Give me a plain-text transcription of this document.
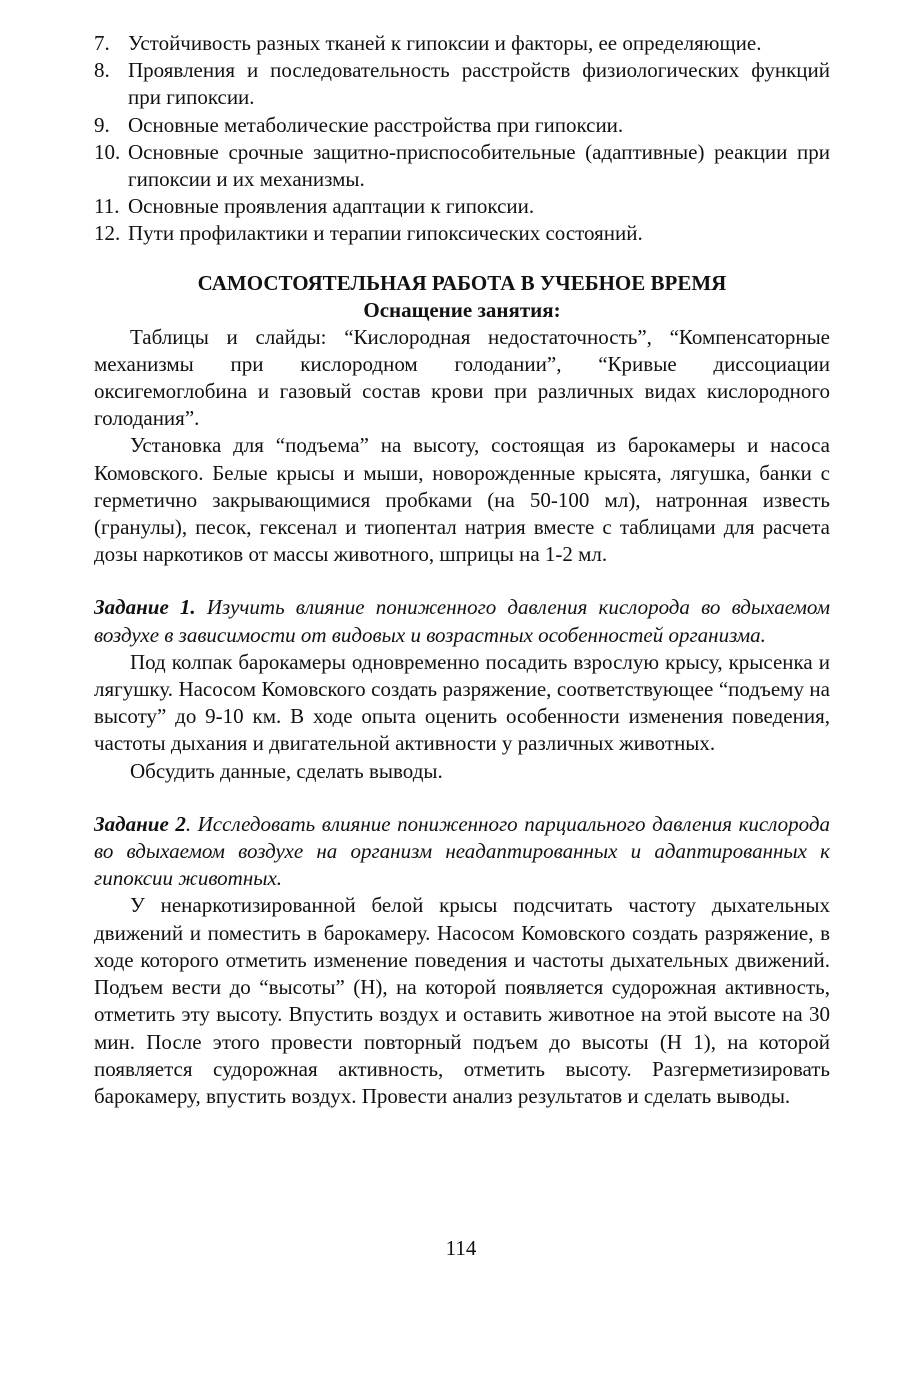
7. Устойчивость разных тканей к гипоксии и факторы, ее определяющие.
8. Проявления и последовательность расстройств физиологических функций при гипоксии.
9. Основные метаболические расстройства при гипоксии.
10. Основные срочные защитно-приспособительные (адаптивные) реакции при гипоксии и их механизмы.
11. Основные проявления адаптации к гипоксии.
12. Пути профилактики и терапии гипоксических состояний.
САМОСТОЯТЕЛЬНАЯ РАБОТА В УЧЕБНОЕ ВРЕМЯ
Оснащение занятия:

Таблицы и слайды: “Кислородная недостаточность”, “Компенсаторные механизмы при кислородном голодании”, “Кривые диссоциации оксигемоглобина и газовый состав крови при различных видах кислородного голодания”.

Установка для “подъема” на высоту, состоящая из барокамеры и насоса Комовского. Белые крысы и мыши, новорожденные крысята, лягушка, банки с герметично закрывающимися пробками (на 50-100 мл), натронная известь (гранулы), песок, гексенал и тиопентал натрия вместе с таблицами для расчета дозы наркотиков от массы животного, шприцы на 1-2 мл.

Задание 1. Изучить влияние пониженного давления кислорода во вдыхаемом воздухе в зависимости от видовых и возрастных особенностей организма.

Под колпак барокамеры одновременно посадить взрослую крысу, крысенка и лягушку. Насосом Комовского создать разряжение, соответствующее “подъему на высоту” до 9-10 км. В ходе опыта оценить особенности изменения поведения, частоты дыхания и двигательной активности у различных животных.

Обсудить данные, сделать выводы.

Задание 2. Исследовать влияние пониженного парциального давления кислорода во вдыхаемом воздухе на организм неадаптированных и адаптированных к гипоксии животных.

У ненаркотизированной белой крысы подсчитать частоту дыхательных движений и поместить в барокамеру. Насосом Комовского создать разряжение, в ходе которого отметить изменение поведения и частоты дыхательных движений. Подъем вести до “высоты” (Н), на которой появляется судорожная активность, отметить эту высоту. Впустить воздух и оставить животное на этой высоте на 30 мин. После этого провести повторный подъем до высоты (Н 1), на которой появляется судорожная активность, отметить высоту. Разгерметизировать барокамеру, впустить воздух. Провести анализ результатов и сделать выводы.

114
